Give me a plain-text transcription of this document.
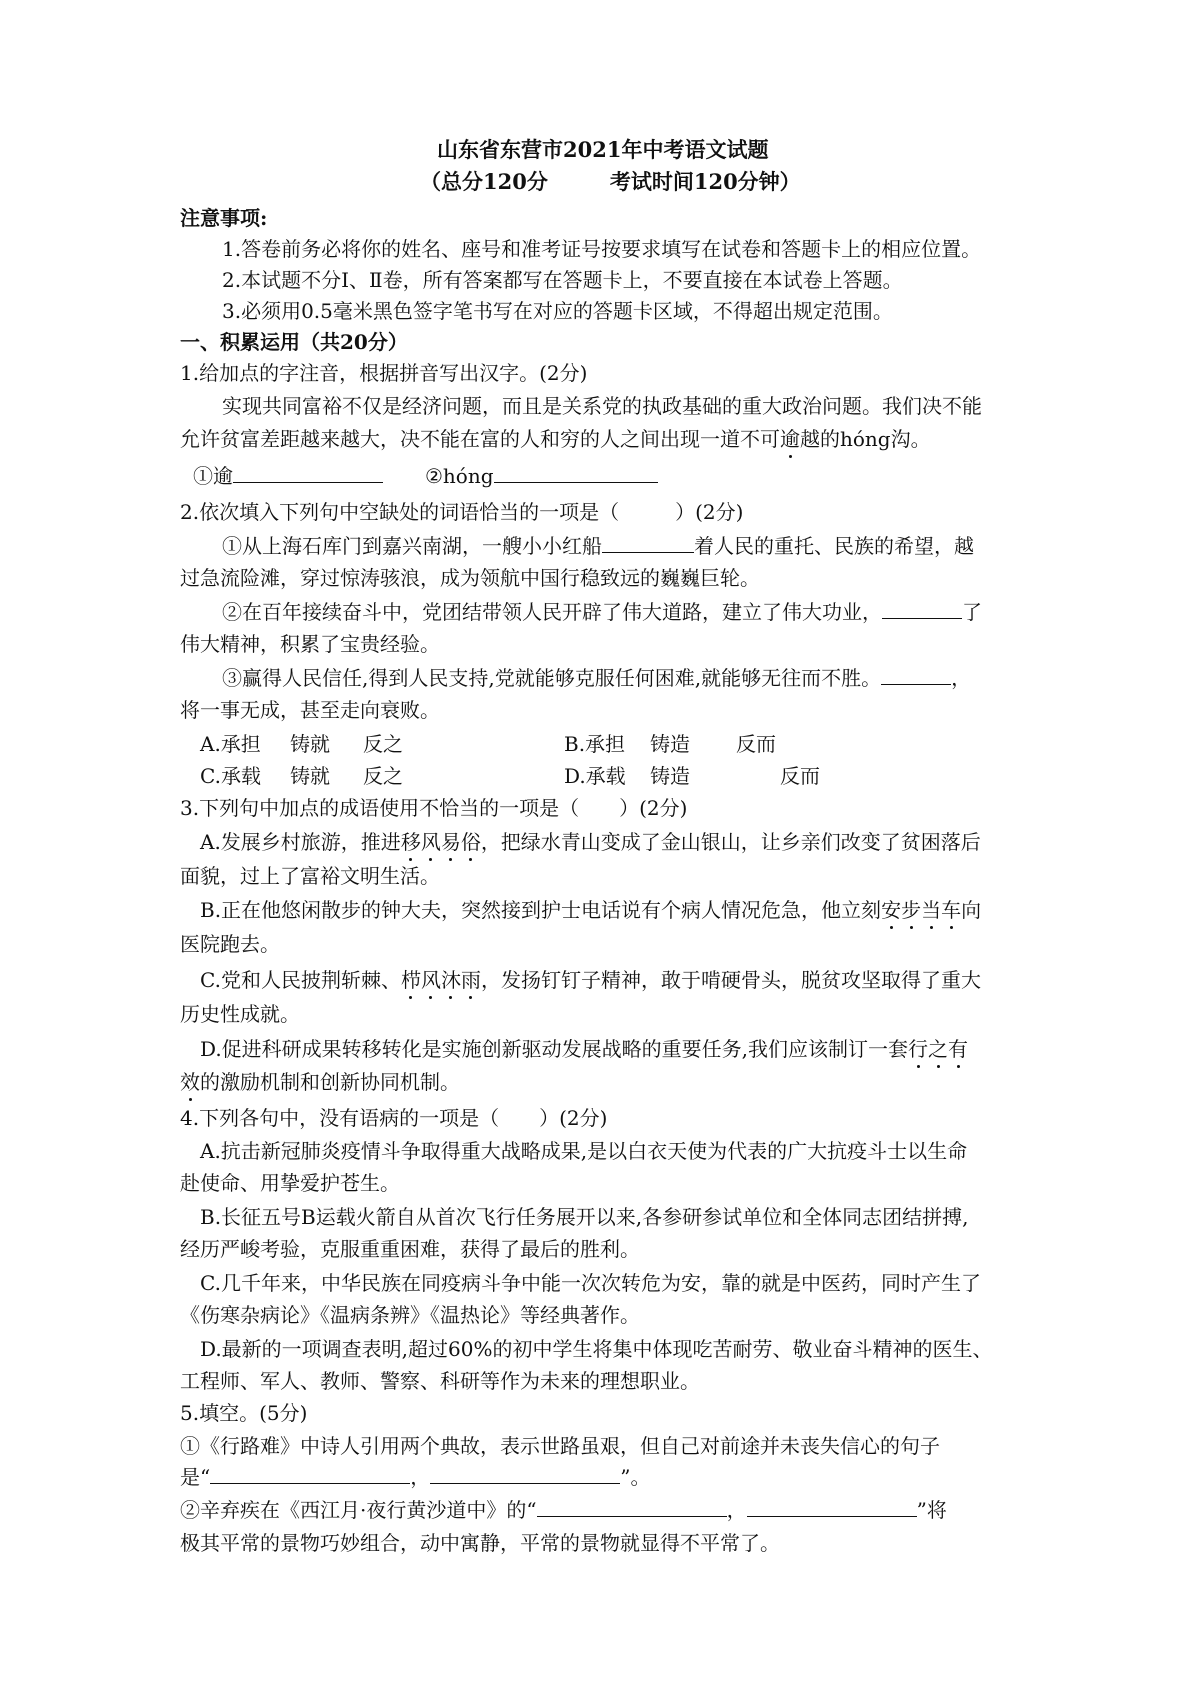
山东省东营市2021年中考语文试题
（总分120分	考试时间120分钟）
注意事项:
1.答卷前务必将你的姓名、座号和准考证号按要求填写在试卷和答题卡上的相应位置。
2.本试题不分Ⅰ、Ⅱ卷，所有答案都写在答题卡上，不要直接在本试卷上答题。
3.必须用0.5毫米黑色签字笔书写在对应的答题卡区域，不得超出规定范围。
一、积累运用（共20分）
1.给加点的字注音，根据拼音写出汉字。(2分)
实现共同富裕不仅是经济问题，而且是关系党的执政基础的重大政治问题。我们决不能
允许贫富差距越来越大，决不能在富的人和穷的人之间出现一道不可逾越的hóng沟。
①逾	②hóng
2.依次填入下列句中空缺处的词语恰当的一项是（	）(2分)
①从上海石库门到嘉兴南湖，一艘小小红船	着人民的重托、民族的希望，越
过急流险滩，穿过惊涛骇浪，成为领航中国行稳致远的巍巍巨轮。
②在百年接续奋斗中，党团结带领人民开辟了伟大道路，建立了伟大功业，	了
伟大精神，积累了宝贵经验。
③赢得人民信任,得到人民支持,党就能够克服任何困难,就能够无往而不胜。	，
将一事无成，甚至走向衰败。
A.承担 铸就 反之	B.承担 铸造 反而
C.承载 铸就 反之	D.承载 铸造	反而
3.下列句中加点的成语使用不恰当的一项是（ ）(2分)
A.发展乡村旅游，推进移风易俗，把绿水青山变成了金山银山，让乡亲们改变了贫困落后
面貌，过上了富裕文明生活。
B.正在他悠闲散步的钟大夫，突然接到护士电话说有个病人情况危急，他立刻安步当车向
医院跑去。
C.党和人民披荆斩棘、栉风沐雨，发扬钉钉子精神，敢于啃硬骨头，脱贫攻坚取得了重大
历史性成就。
D.促进科研成果转移转化是实施创新驱动发展战略的重要任务,我们应该制订一套行之有
效的激励机制和创新协同机制。
4.下列各句中，没有语病的一项是（ ）(2分)
A.抗击新冠肺炎疫情斗争取得重大战略成果,是以白衣天使为代表的广大抗疫斗士以生命
赴使命、用挚爱护苍生。
B.长征五号B运载火箭自从首次飞行任务展开以来,各参研参试单位和全体同志团结拼搏,
经历严峻考验，克服重重困难，获得了最后的胜利。
C.几千年来，中华民族在同疫病斗争中能一次次转危为安，靠的就是中医药，同时产生了
《伤寒杂病论》《温病条辨》《温热论》等经典著作。
D.最新的一项调查表明,超过60%的初中学生将集中体现吃苦耐劳、敬业奋斗精神的医生、
工程师、军人、教师、警察、科研等作为未来的理想职业。
5.填空。(5分)
①《行路难》中诗人引用两个典故，表示世路虽艰，但自己对前途并未丧失信心的句子
是“	，	”。
②辛弃疾在《西江月·夜行黄沙道中》的“	，	”将
极其平常的景物巧妙组合，动中寓静，平常的景物就显得不平常了。
